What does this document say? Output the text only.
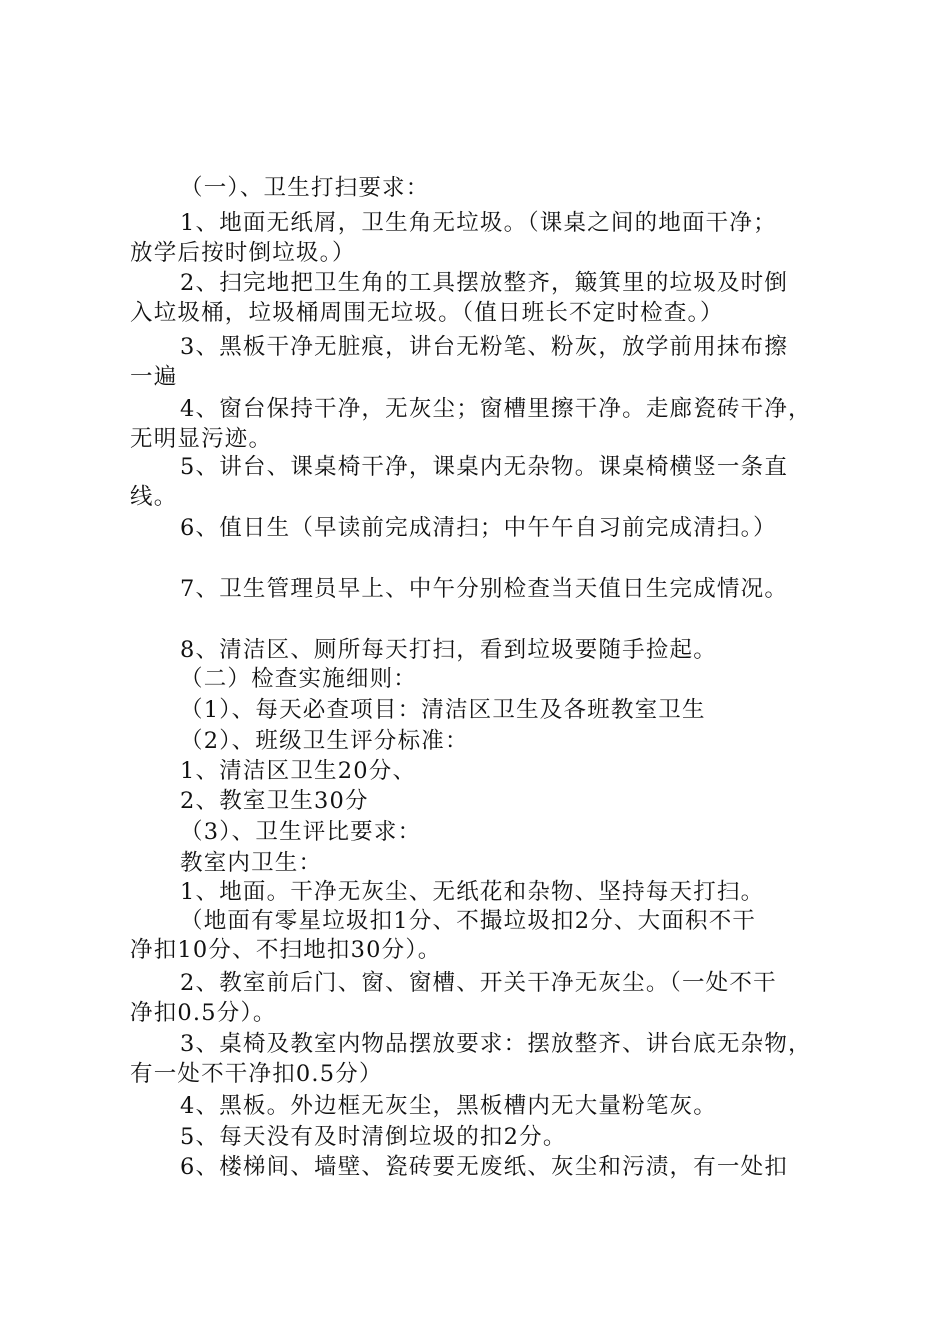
（一）、卫生打扫要求：
1、地面无纸屑，卫生角无垃圾。（课桌之间的地面干净；
放学后按时倒垃圾。）
2、扫完地把卫生角的工具摆放整齐，簸箕里的垃圾及时倒
入垃圾桶，垃圾桶周围无垃圾。（值日班长不定时检查。）
3、黑板干净无脏痕，讲台无粉笔、粉灰，放学前用抹布擦
一遍
4、窗台保持干净，无灰尘；窗槽里擦干净。走廊瓷砖干净，
无明显污迹。
5、讲台、课桌椅干净，课桌内无杂物。课桌椅横竖一条直
线。
6、值日生（早读前完成清扫；中午午自习前完成清扫。）
7、卫生管理员早上、中午分别检查当天值日生完成情况。
8、清洁区、厕所每天打扫，看到垃圾要随手捡起。
（二）检查实施细则：
（1）、每天必查项目：清洁区卫生及各班教室卫生
（2）、班级卫生评分标准：
1、清洁区卫生20分、
2、教室卫生30分
（3）、卫生评比要求：
教室内卫生：
1、地面。干净无灰尘、无纸花和杂物、坚持每天打扫。
（地面有零星垃圾扣1分、不撮垃圾扣2分、大面积不干
净扣10分、不扫地扣30分）。
2、教室前后门、窗、窗槽、开关干净无灰尘。（一处不干
净扣0.5分）。
3、桌椅及教室内物品摆放要求：摆放整齐、讲台底无杂物，
有一处不干净扣0.5分）
4、黑板。外边框无灰尘，黑板槽内无大量粉笔灰。
5、每天没有及时清倒垃圾的扣2分。
6、楼梯间、墙壁、瓷砖要无废纸、灰尘和污渍，有一处扣
